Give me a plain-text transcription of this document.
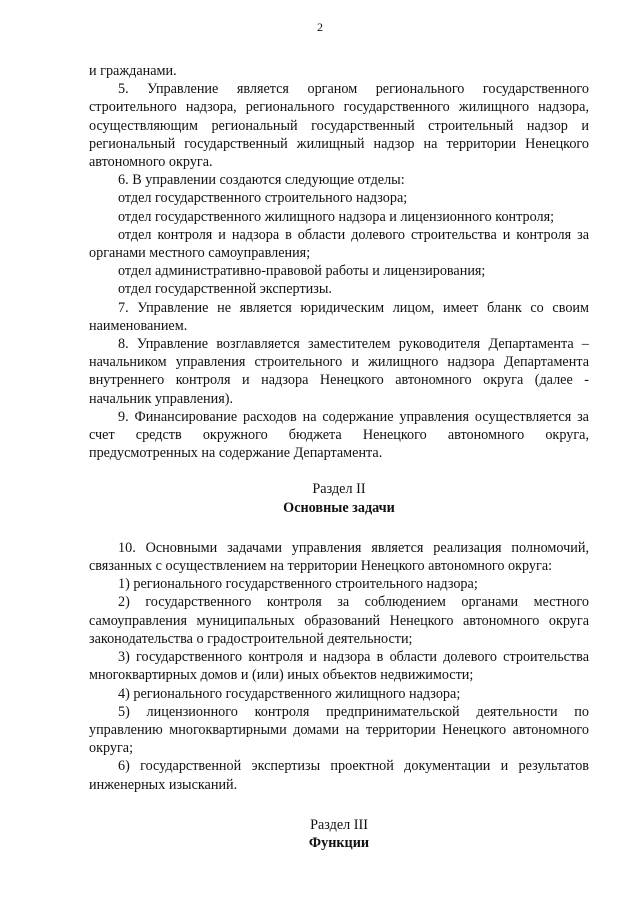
2

и гражданами.

5. Управление является органом регионального государственного строительного надзора, регионального государственного жилищного надзора, осуществляющим региональный государственный строительный надзор и региональный государственный жилищный надзор на территории Ненецкого автономного округа.

6. В управлении создаются следующие отделы:

отдел государственного строительного надзора;

отдел государственного жилищного надзора и лицензионного контроля;

отдел контроля и надзора в области долевого строительства и контроля за органами местного самоуправления;

отдел административно-правовой работы и лицензирования;

отдел государственной экспертизы.

7. Управление не является юридическим лицом, имеет бланк со своим наименованием.

8. Управление возглавляется заместителем руководителя Департамента – начальником управления строительного и жилищного надзора Департамента внутреннего контроля и надзора Ненецкого автономного округа (далее - начальник управления).

9. Финансирование расходов на содержание управления осуществляется за счет средств окружного бюджета Ненецкого автономного округа, предусмотренных на содержание Департамента.

Раздел II

Основные задачи

10. Основными задачами управления является реализация полномочий, связанных с осуществлением на территории Ненецкого автономного округа:

1) регионального государственного строительного надзора;

2) государственного контроля за соблюдением органами местного самоуправления муниципальных образований Ненецкого автономного округа законодательства о градостроительной деятельности;

3) государственного контроля и надзора в области долевого строительства многоквартирных домов и (или) иных объектов недвижимости;

4) регионального государственного жилищного надзора;

5) лицензионного контроля предпринимательской деятельности по управлению многоквартирными домами на территории Ненецкого автономного округа;

6) государственной экспертизы проектной документации и результатов инженерных изысканий.

Раздел III

Функции
